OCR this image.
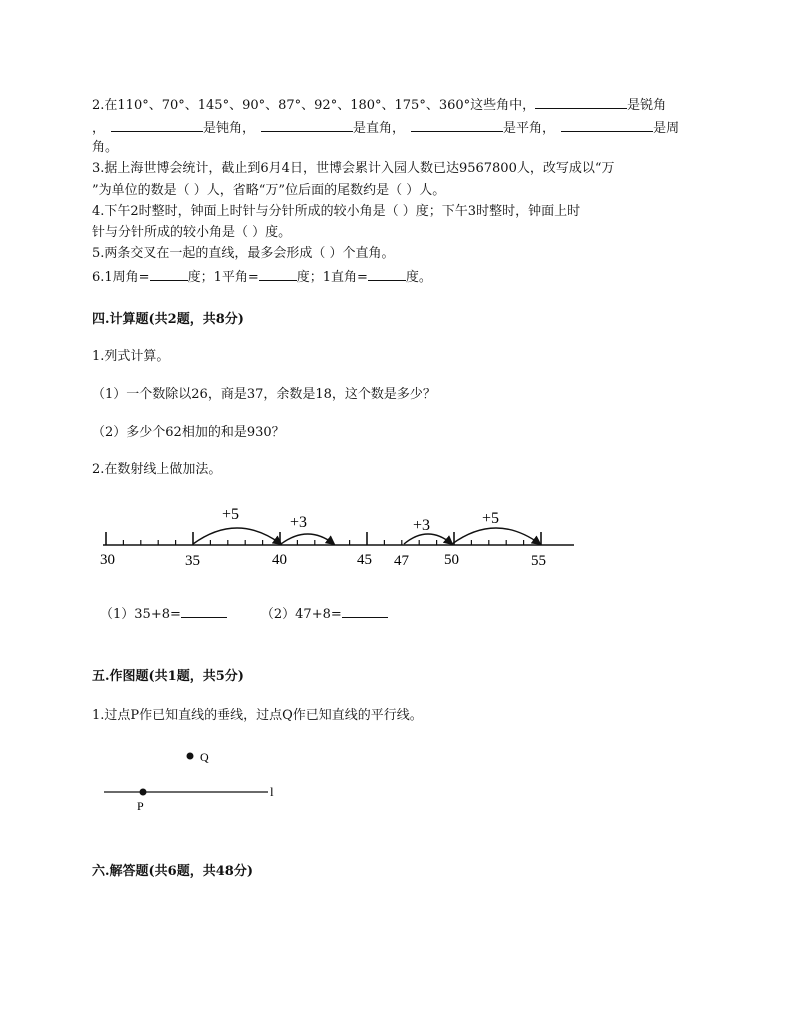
2.在110°、70°、145°、90°、87°、92°、180°、175°、360°这些角中，	是锐角
，	是钝角，	是直角，	是平角，	是周
角。
3.据上海世博会统计，截止到6月4日，世博会累计入园人数已达9567800人，改写成以“万
”为单位的数是（ ）人，省略“万”位后面的尾数约是（ ）人。
4.下午2时整时，钟面上时针与分针所成的较小角是（ ）度；下午3时整时，钟面上时
针与分针所成的较小角是（ ）度。
5.两条交叉在一起的直线，最多会形成（ ）个直角。
6.1周角=	度；1平角=	度；1直角=	度。
四.计算题(共2题，共8分)
1.列式计算。
（1）一个数除以26，商是37，余数是18，这个数是多少？
（2）多少个62相加的和是930？
2.在数射线上做加法。
+5	+3	+3	+5
30	35	40	45 47 50	55
（1）35+8=	（2）47+8=
五.作图题(共1题，共5分)
1.过点P作已知直线的垂线，过点Q作已知直线的平行线。
Q
P
l
六.解答题(共6题，共48分)
